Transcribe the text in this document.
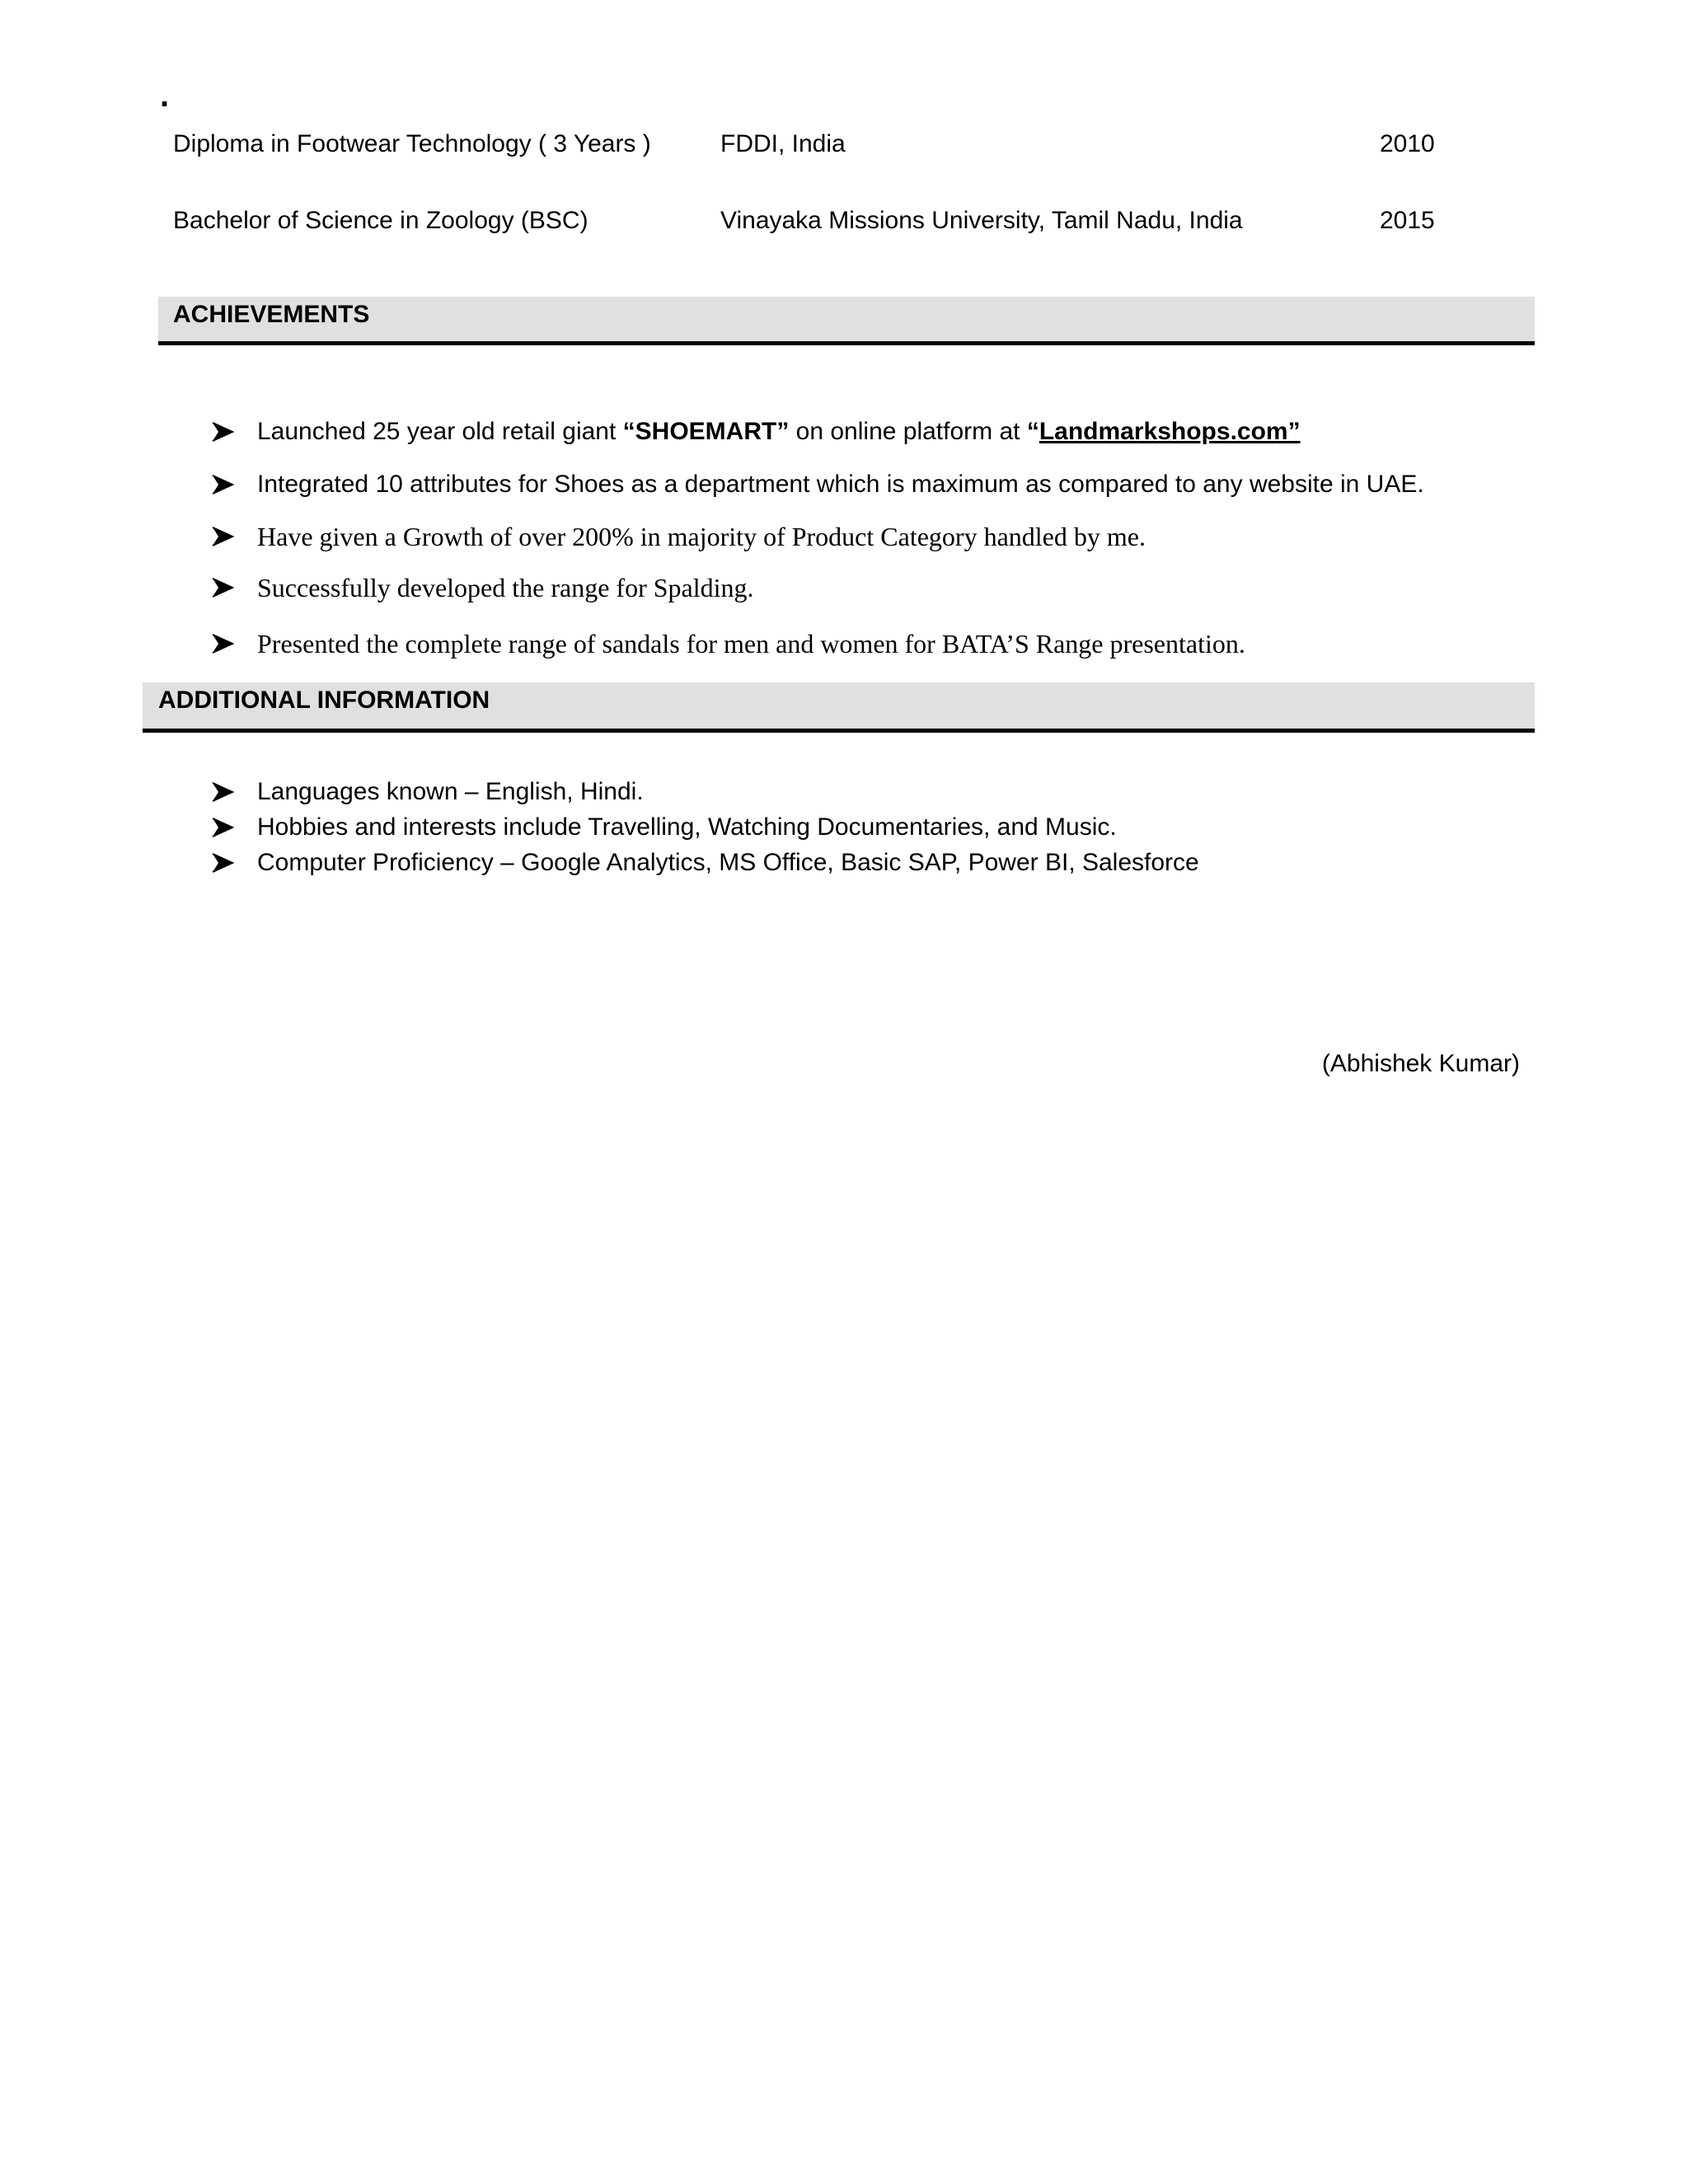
.
Diploma in Footwear Technology ( 3 Years )	FDDI, India	2010
Bachelor of Science in Zoology (BSC)	Vinayaka Missions University, Tamil Nadu, India	2015
ACHIEVEMENTS
Launched 25 year old retail giant “SHOEMART” on online platform at “Landmarkshops.com”
Integrated 10 attributes for Shoes as a department which is maximum as compared to any website in UAE.
Have given a Growth of over 200% in majority of Product Category handled by me.
Successfully developed the range for Spalding.
Presented the complete range of sandals for men and women for BATA’S Range presentation.
ADDITIONAL INFORMATION
Languages known – English, Hindi.
Hobbies and interests include Travelling, Watching Documentaries, and Music.
Computer Proficiency – Google Analytics, MS Office, Basic SAP, Power BI, Salesforce
(Abhishek Kumar)
